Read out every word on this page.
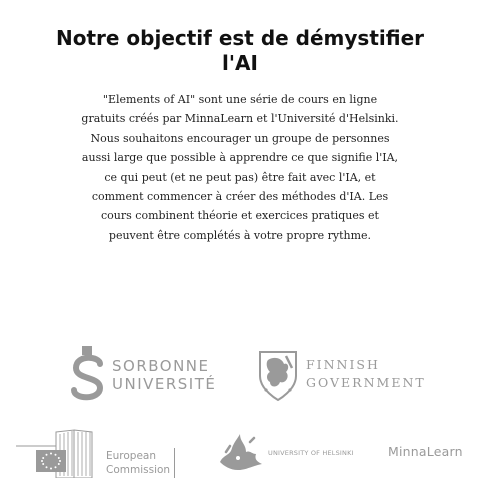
Notre objectif est de démystifier
l'AI

"Elements of AI" sont une série de cours en ligne gratuits créés par MinnaLearn et l'Université d'Helsinki. Nous souhaitons encourager un groupe de personnes aussi large que possible à apprendre ce que signifie l'IA, ce qui peut (et ne peut pas) être fait avec l'IA, et comment commencer à créer des méthodes d'IA. Les cours combinent théorie et exercices pratiques et peuvent être complétés à votre propre rythme.

SORBONNE
UNIVERSITÉ
FINNISH
GOVERNMENT
European
Commission
UNIVERSITY OF HELSINKI	MinnaLearn
